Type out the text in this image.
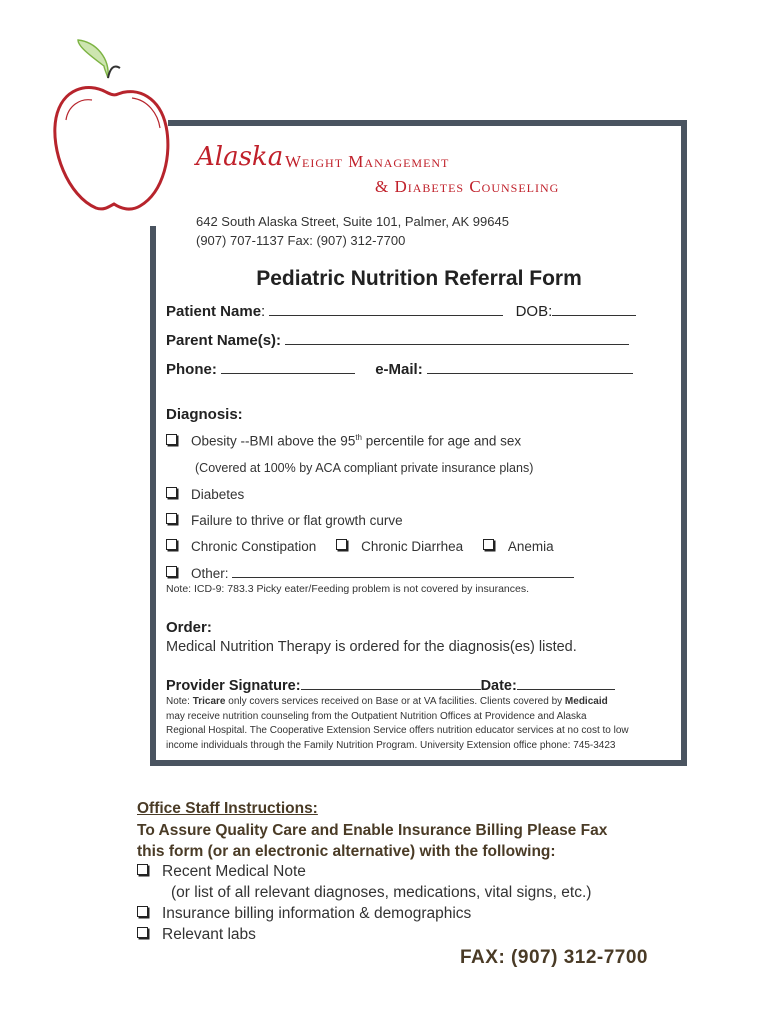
Alaska Weight Management
& Diabetes Counseling
642 South Alaska Street, Suite 101, Palmer, AK 99645
(907) 707-1137 Fax: (907) 312-7700
Pediatric Nutrition Referral Form
Patient Name:	DOB:
Parent Name(s):
Phone:	e-Mail:
Diagnosis:
Obesity --BMI above the 95th percentile for age and sex
(Covered at 100% by ACA compliant private insurance plans)
Diabetes
Failure to thrive or flat growth curve
Chronic Constipation	Chronic Diarrhea	Anemia
Other:
Note: ICD-9: 783.3 Picky eater/Feeding problem is not covered by insurances.
Order:
Medical Nutrition Therapy is ordered for the diagnosis(es) listed.
Provider Signature:	Date:
Note: Tricare only covers services received on Base or at VA facilities. Clients covered by Medicaid
may receive nutrition counseling from the Outpatient Nutrition Offices at Providence and Alaska
Regional Hospital. The Cooperative Extension Service offers nutrition educator services at no cost to low
income individuals through the Family Nutrition Program. University Extension office phone: 745-3423
Office Staff Instructions:
To Assure Quality Care and Enable Insurance Billing Please Fax
this form (or an electronic alternative) with the following:
Recent Medical Note
(or list of all relevant diagnoses, medications, vital signs, etc.)
Insurance billing information & demographics
Relevant labs
FAX: (907) 312-7700
